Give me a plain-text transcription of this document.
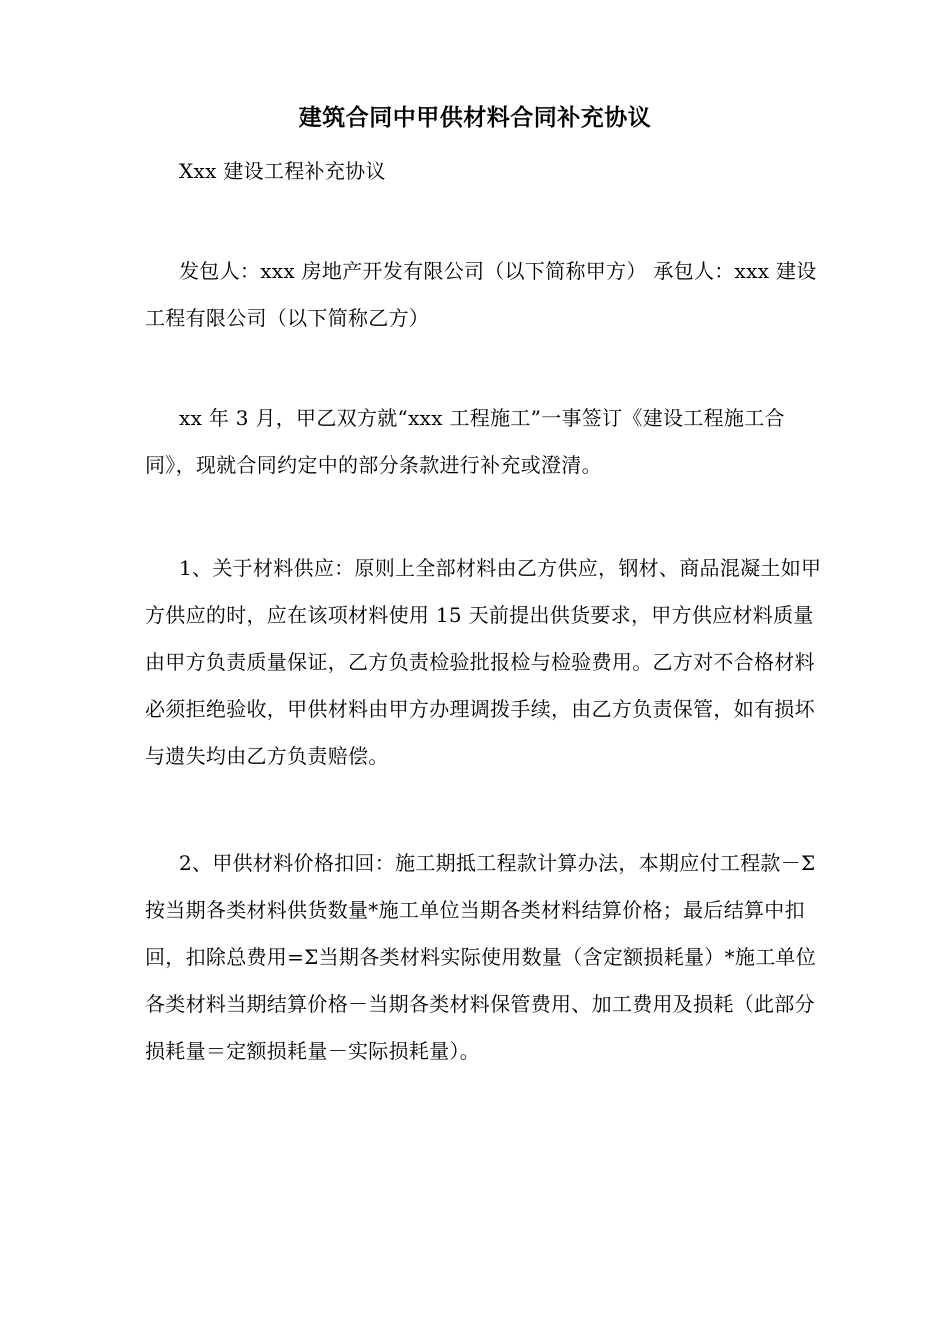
建筑合同中甲供材料合同补充协议
Xxx 建设工程补充协议
发包人：xxx 房地产开发有限公司（以下简称甲方） 承包人：xxx 建设工程有限公司（以下简称乙方）
xx 年 3 月，甲乙双方就“xxx 工程施工”一事签订《建设工程施工合同》，现就合同约定中的部分条款进行补充或澄清。
1、关于材料供应：原则上全部材料由乙方供应，钢材、商品混凝土如甲方供应的时，应在该项材料使用 15 天前提出供货要求，甲方供应材料质量由甲方负责质量保证，乙方负责检验批报检与检验费用。乙方对不合格材料必须拒绝验收，甲供材料由甲方办理调拨手续，由乙方负责保管，如有损坏与遗失均由乙方负责赔偿。
2、甲供材料价格扣回：施工期抵工程款计算办法，本期应付工程款－Σ按当期各类材料供货数量*施工单位当期各类材料结算价格；最后结算中扣回，扣除总费用=Σ当期各类材料实际使用数量（含定额损耗量）*施工单位各类材料当期结算价格－当期各类材料保管费用、加工费用及损耗（此部分损耗量＝定额损耗量－实际损耗量）。
